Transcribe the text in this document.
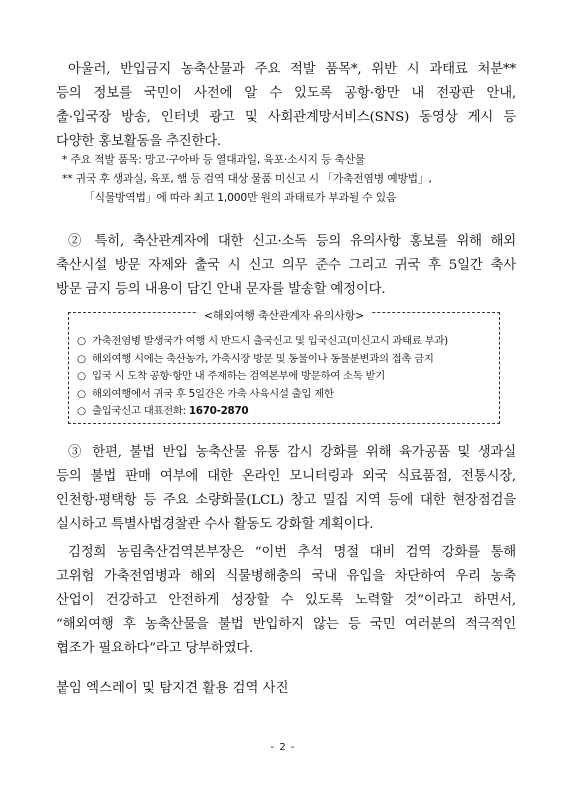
아울러, 반입금지 농축산물과 주요 적발 품목*, 위반 시 과태료 처분**
등의 정보를 국민이 사전에 알 수 있도록 공항·항만 내 전광판 안내,
출·입국장 방송, 인터넷 광고 및 사회관계망서비스(SNS) 동영상 게시 등
다양한 홍보활동을 추진한다.
* 주요 적발 품목: 망고·구아바 등 열대과일, 육포·소시지 등 축산물
** 귀국 후 생과실, 육포, 햄 등 검역 대상 물품 미신고 시 「가축전염병 예방법」,
「식물방역법」에 따라 최고 1,000만 원의 과태료가 부과될 수 있음
② 특히, 축산관계자에 대한 신고·소독 등의 유의사항 홍보를 위해 해외
축산시설 방문 자제와 출국 시 신고 의무 준수 그리고 귀국 후 5일간 축사
방문 금지 등의 내용이 담긴 안내 문자를 발송할 예정이다.
<해외여행 축산관계자 유의사항>
○ 가축전염병 발생국가 여행 시 반드시 출국신고 및 입국신고(미신고시 과태료 부과)
○ 해외여행 시에는 축산농가, 가축시장 방문 및 동물이나 동물분변과의 접촉 금지
○ 입국 시 도착 공항·항만 내 주재하는 검역본부에 방문하여 소독 받기
○ 해외여행에서 귀국 후 5일간은 가축 사육시설 출입 제한
○ 출입국신고 대표전화: 1670-2870
③ 한편, 불법 반입 농축산물 유통 감시 강화를 위해 육가공품 및 생과실
등의 불법 판매 여부에 대한 온라인 모니터링과 외국 식료품점, 전통시장,
인천항·평택항 등 주요 소량화물(LCL) 창고 밀집 지역 등에 대한 현장점검을
실시하고 특별사법경찰관 수사 활동도 강화할 계획이다.
김정희 농림축산검역본부장은 “이번 추석 명절 대비 검역 강화를 통해
고위험 가축전염병과 해외 식물병해충의 국내 유입을 차단하여 우리 농축
산업이 건강하고 안전하게 성장할 수 있도록 노력할 것”이라고 하면서,
“해외여행 후 농축산물을 불법 반입하지 않는 등 국민 여러분의 적극적인
협조가 필요하다”라고 당부하였다.
붙임 엑스레이 및 탐지견 활용 검역 사진
- 2 -
